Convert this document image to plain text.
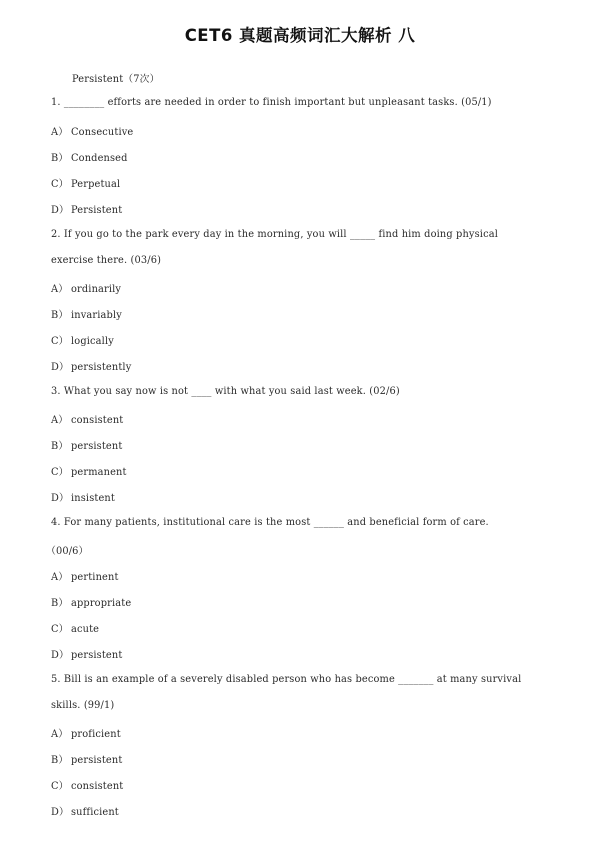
CET6 真题高频词汇大解析 八
Persistent（7次）
1. ________ efforts are needed in order to finish important but unpleasant tasks. (05/1)
A） Consecutive
B） Condensed
C） Perpetual
D） Persistent
2. If you go to the park every day in the morning, you will _____ find him doing physical
exercise there. (03/6)
A） ordinarily
B） invariably
C） logically
D） persistently
3. What you say now is not ____ with what you said last week. (02/6)
A） consistent
B） persistent
C） permanent
D） insistent
4. For many patients, institutional care is the most ______ and beneficial form of care.
（00/6）
A） pertinent
B） appropriate
C） acute
D） persistent
5. Bill is an example of a severely disabled person who has become _______ at many survival
skills. (99/1)
A） proficient
B） persistent
C） consistent
D） sufficient
